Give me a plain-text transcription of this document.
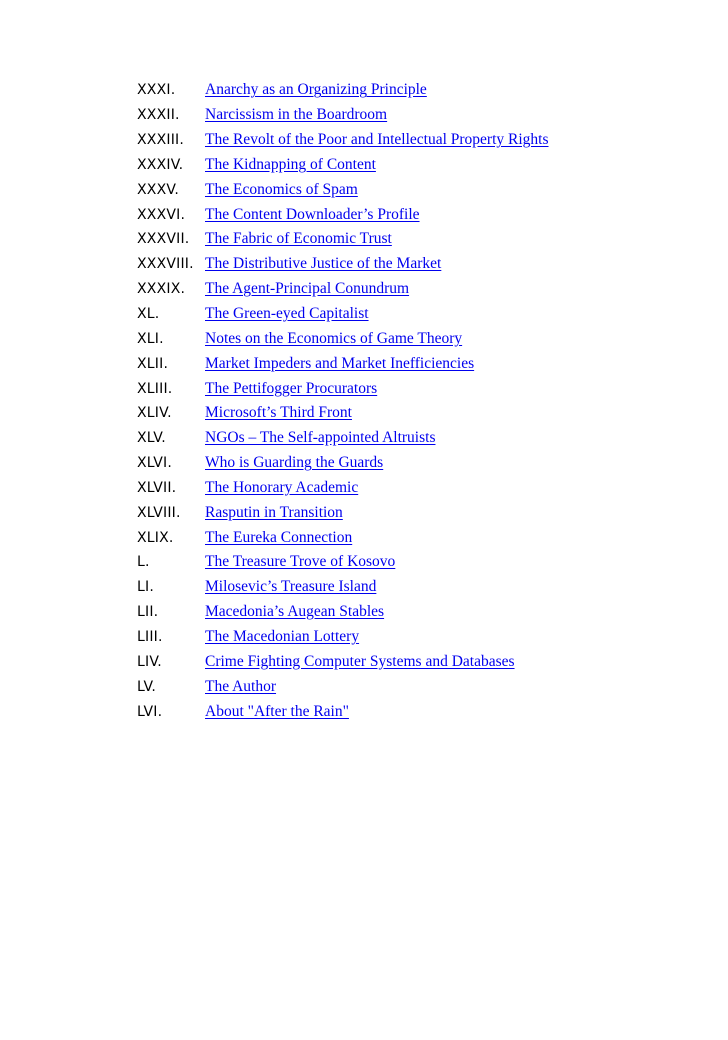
XXXI.	Anarchy as an Organizing Principle
XXXII.	Narcissism in the Boardroom
XXXIII.	The Revolt of the Poor and Intellectual Property Rights
XXXIV.	The Kidnapping of Content
XXXV.	The Economics of Spam
XXXVI.	The Content Downloader’s Profile
XXXVII.	The Fabric of Economic Trust
XXXVIII. The Distributive Justice of the Market
XXXIX.	The Agent-Principal Conundrum
XL.	The Green-eyed Capitalist
XLI.	Notes on the Economics of Game Theory
XLII.	Market Impeders and Market Inefficiencies
XLIII.	The Pettifogger Procurators
XLIV.	Microsoft’s Third Front
XLV.	NGOs – The Self-appointed Altruists
XLVI.	Who is Guarding the Guards
XLVII.	The Honorary Academic
XLVIII.	Rasputin in Transition
XLIX.	The Eureka Connection
L.	The Treasure Trove of Kosovo
LI.	Milosevic’s Treasure Island
LII.	Macedonia’s Augean Stables
LIII.	The Macedonian Lottery
LIV.	Crime Fighting Computer Systems and Databases
LV.	The Author
LVI.	About "After the Rain"
